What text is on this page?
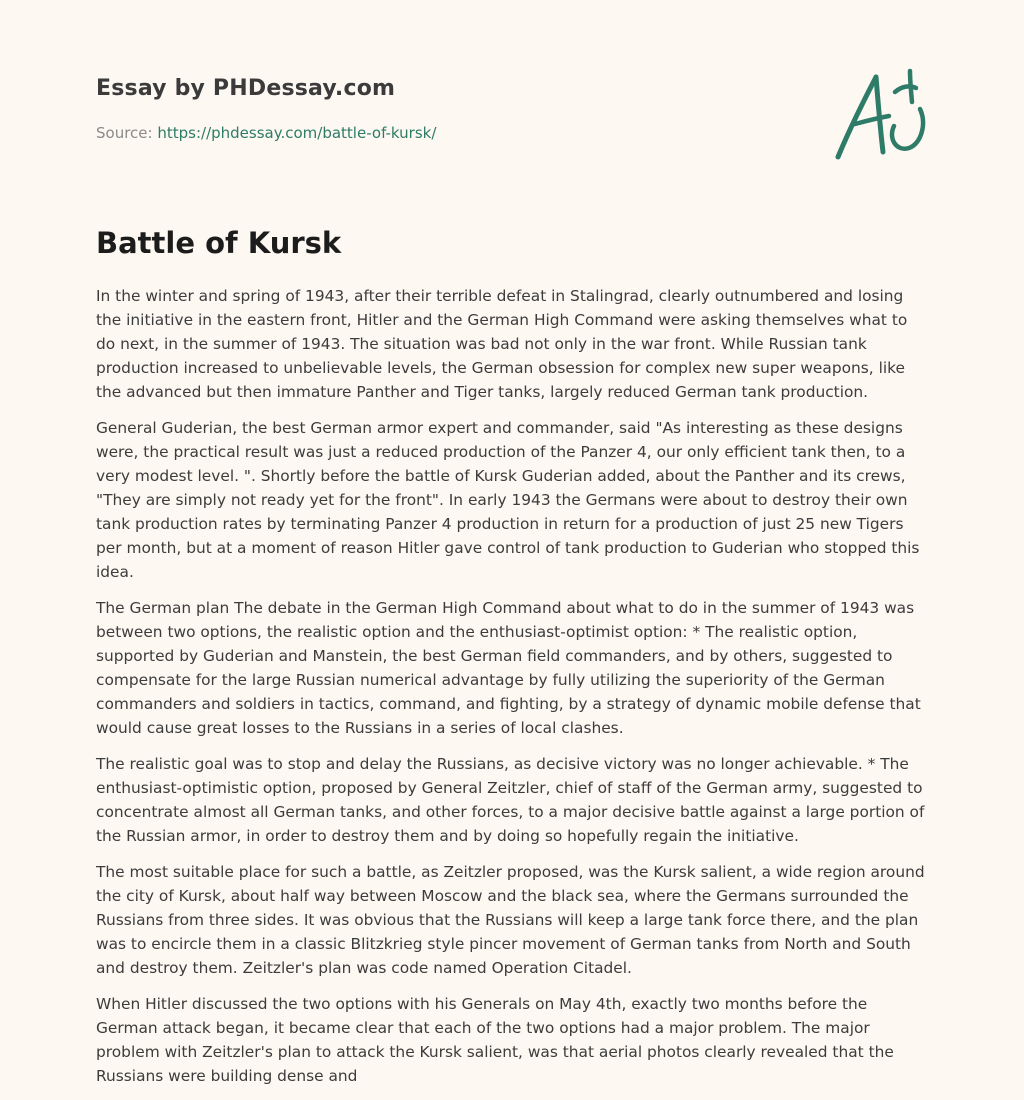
Essay by PHDessay.com
Source: https://phdessay.com/battle-of-kursk/
Battle of Kursk

In the winter and spring of 1943, after their terrible defeat in Stalingrad, clearly outnumbered and losing the initiative in the eastern front, Hitler and the German High Command were asking themselves what to do next, in the summer of 1943. The situation was bad not only in the war front. While Russian tank production increased to unbelievable levels, the German obsession for complex new super weapons, like the advanced but then immature Panther and Tiger tanks, largely reduced German tank production.

General Guderian, the best German armor expert and commander, said "As interesting as these designs were, the practical result was just a reduced production of the Panzer 4, our only efficient tank then, to a very modest level. ". Shortly before the battle of Kursk Guderian added, about the Panther and its crews, "They are simply not ready yet for the front". In early 1943 the Germans were about to destroy their own tank production rates by terminating Panzer 4 production in return for a production of just 25 new Tigers per month, but at a moment of reason Hitler gave control of tank production to Guderian who stopped this idea.

The German plan The debate in the German High Command about what to do in the summer of 1943 was between two options, the realistic option and the enthusiast-optimist option: * The realistic option, supported by Guderian and Manstein, the best German field commanders, and by others, suggested to compensate for the large Russian numerical advantage by fully utilizing the superiority of the German commanders and soldiers in tactics, command, and fighting, by a strategy of dynamic mobile defense that would cause great losses to the Russians in a series of local clashes.

The realistic goal was to stop and delay the Russians, as decisive victory was no longer achievable. * The enthusiast-optimistic option, proposed by General Zeitzler, chief of staff of the German army, suggested to concentrate almost all German tanks, and other forces, to a major decisive battle against a large portion of the Russian armor, in order to destroy them and by doing so hopefully regain the initiative.

The most suitable place for such a battle, as Zeitzler proposed, was the Kursk salient, a wide region around the city of Kursk, about half way between Moscow and the black sea, where the Germans surrounded the Russians from three sides. It was obvious that the Russians will keep a large tank force there, and the plan was to encircle them in a classic Blitzkrieg style pincer movement of German tanks from North and South and destroy them. Zeitzler's plan was code named Operation Citadel.

When Hitler discussed the two options with his Generals on May 4th, exactly two months before the German attack began, it became clear that each of the two options had a major problem. The major problem with Zeitzler's plan to attack the Kursk salient, was that aerial photos clearly revealed that the Russians were building dense and
